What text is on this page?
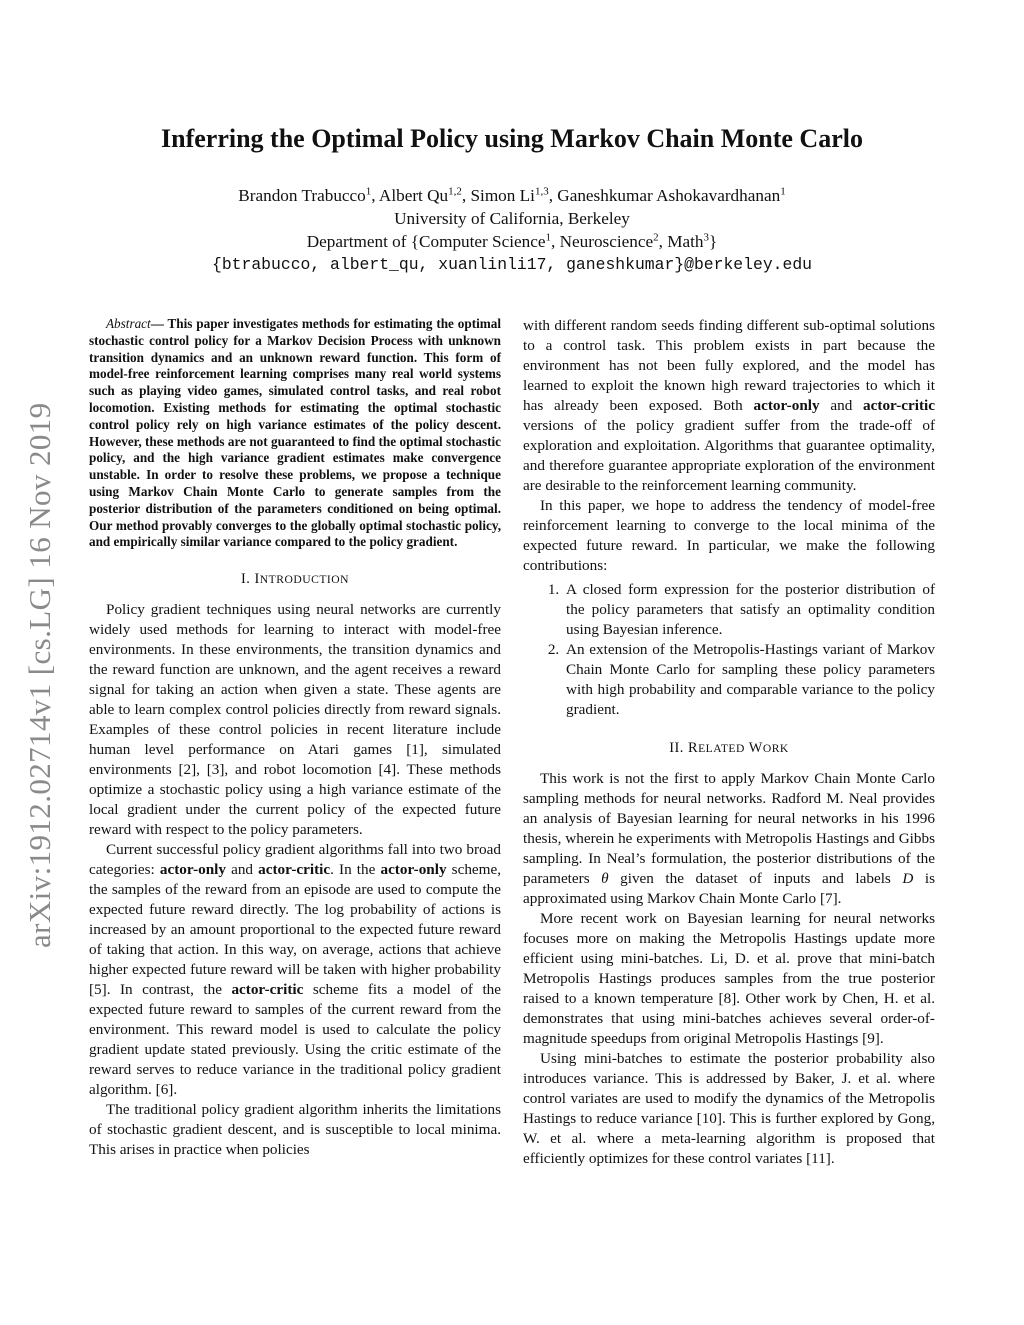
arXiv:1912.02714v1 [cs.LG] 16 Nov 2019
Inferring the Optimal Policy using Markov Chain Monte Carlo
Brandon Trabucco$^1$, Albert Qu$^{1,2}$, Simon Li$^{1,3}$, Ganeshkumar Ashokavardhanan$^1$
University of California, Berkeley
Department of {Computer Science$^1$, Neuroscience$^2$, Math$^3$}
{btrabucco, albert_qu, xuanlinli17, ganeshkumar}@berkeley.edu

Abstract— This paper investigates methods for estimating the optimal stochastic control policy for a Markov Decision Process with unknown transition dynamics and an unknown reward function. This form of model-free reinforcement learning comprises many real world systems such as playing video games, simulated control tasks, and real robot locomotion. Existing methods for estimating the optimal stochastic control policy rely on high variance estimates of the policy descent. However, these methods are not guaranteed to find the optimal stochastic policy, and the high variance gradient estimates make convergence unstable. In order to resolve these problems, we propose a technique using Markov Chain Monte Carlo to generate samples from the posterior distribution of the parameters conditioned on being optimal. Our method provably converges to the globally optimal stochastic policy, and empirically similar variance compared to the policy gradient.

I. INTRODUCTION

Policy gradient techniques using neural networks are currently widely used methods for learning to interact with model-free environments. In these environments, the transition dynamics and the reward function are unknown, and the agent receives a reward signal for taking an action when given a state. These agents are able to learn complex control policies directly from reward signals. Examples of these control policies in recent literature include human level performance on Atari games [1], simulated environments [2], [3], and robot locomotion [4]. These methods optimize a stochastic policy using a high variance estimate of the local gradient under the current policy of the expected future reward with respect to the policy parameters.

Current successful policy gradient algorithms fall into two broad categories: actor-only and actor-critic. In the actor-only scheme, the samples of the reward from an episode are used to compute the expected future reward directly. The log probability of actions is increased by an amount proportional to the expected future reward of taking that action. In this way, on average, actions that achieve higher expected future reward will be taken with higher probability [5]. In contrast, the actor-critic scheme fits a model of the expected future reward to samples of the current reward from the environment. This reward model is used to calculate the policy gradient update stated previously. Using the critic estimate of the reward serves to reduce variance in the traditional policy gradient algorithm. [6].

The traditional policy gradient algorithm inherits the limitations of stochastic gradient descent, and is susceptible to local minima. This arises in practice when policies

with different random seeds finding different sub-optimal solutions to a control task. This problem exists in part because the environment has not been fully explored, and the model has learned to exploit the known high reward trajectories to which it has already been exposed. Both actor-only and actor-critic versions of the policy gradient suffer from the trade-off of exploration and exploitation. Algorithms that guarantee optimality, and therefore guarantee appropriate exploration of the environment are desirable to the reinforcement learning community.

In this paper, we hope to address the tendency of model-free reinforcement learning to converge to the local minima of the expected future reward. In particular, we make the following contributions:

1. A closed form expression for the posterior distribution of the policy parameters that satisfy an optimality condition using Bayesian inference.
2. An extension of the Metropolis-Hastings variant of Markov Chain Monte Carlo for sampling these policy parameters with high probability and comparable variance to the policy gradient.
II. RELATED WORK

This work is not the first to apply Markov Chain Monte Carlo sampling methods for neural networks. Radford M. Neal provides an analysis of Bayesian learning for neural networks in his 1996 thesis, wherein he experiments with Metropolis Hastings and Gibbs sampling. In Neal’s formulation, the posterior distributions of the parameters θ given the dataset of inputs and labels D is approximated using Markov Chain Monte Carlo [7].

More recent work on Bayesian learning for neural networks focuses more on making the Metropolis Hastings update more efficient using mini-batches. Li, D. et al. prove that mini-batch Metropolis Hastings produces samples from the true posterior raised to a known temperature [8]. Other work by Chen, H. et al. demonstrates that using mini-batches achieves several order-of-magnitude speedups from original Metropolis Hastings [9].

Using mini-batches to estimate the posterior probability also introduces variance. This is addressed by Baker, J. et al. where control variates are used to modify the dynamics of the Metropolis Hastings to reduce variance [10]. This is further explored by Gong, W. et al. where a meta-learning algorithm is proposed that efficiently optimizes for these control variates [11].
